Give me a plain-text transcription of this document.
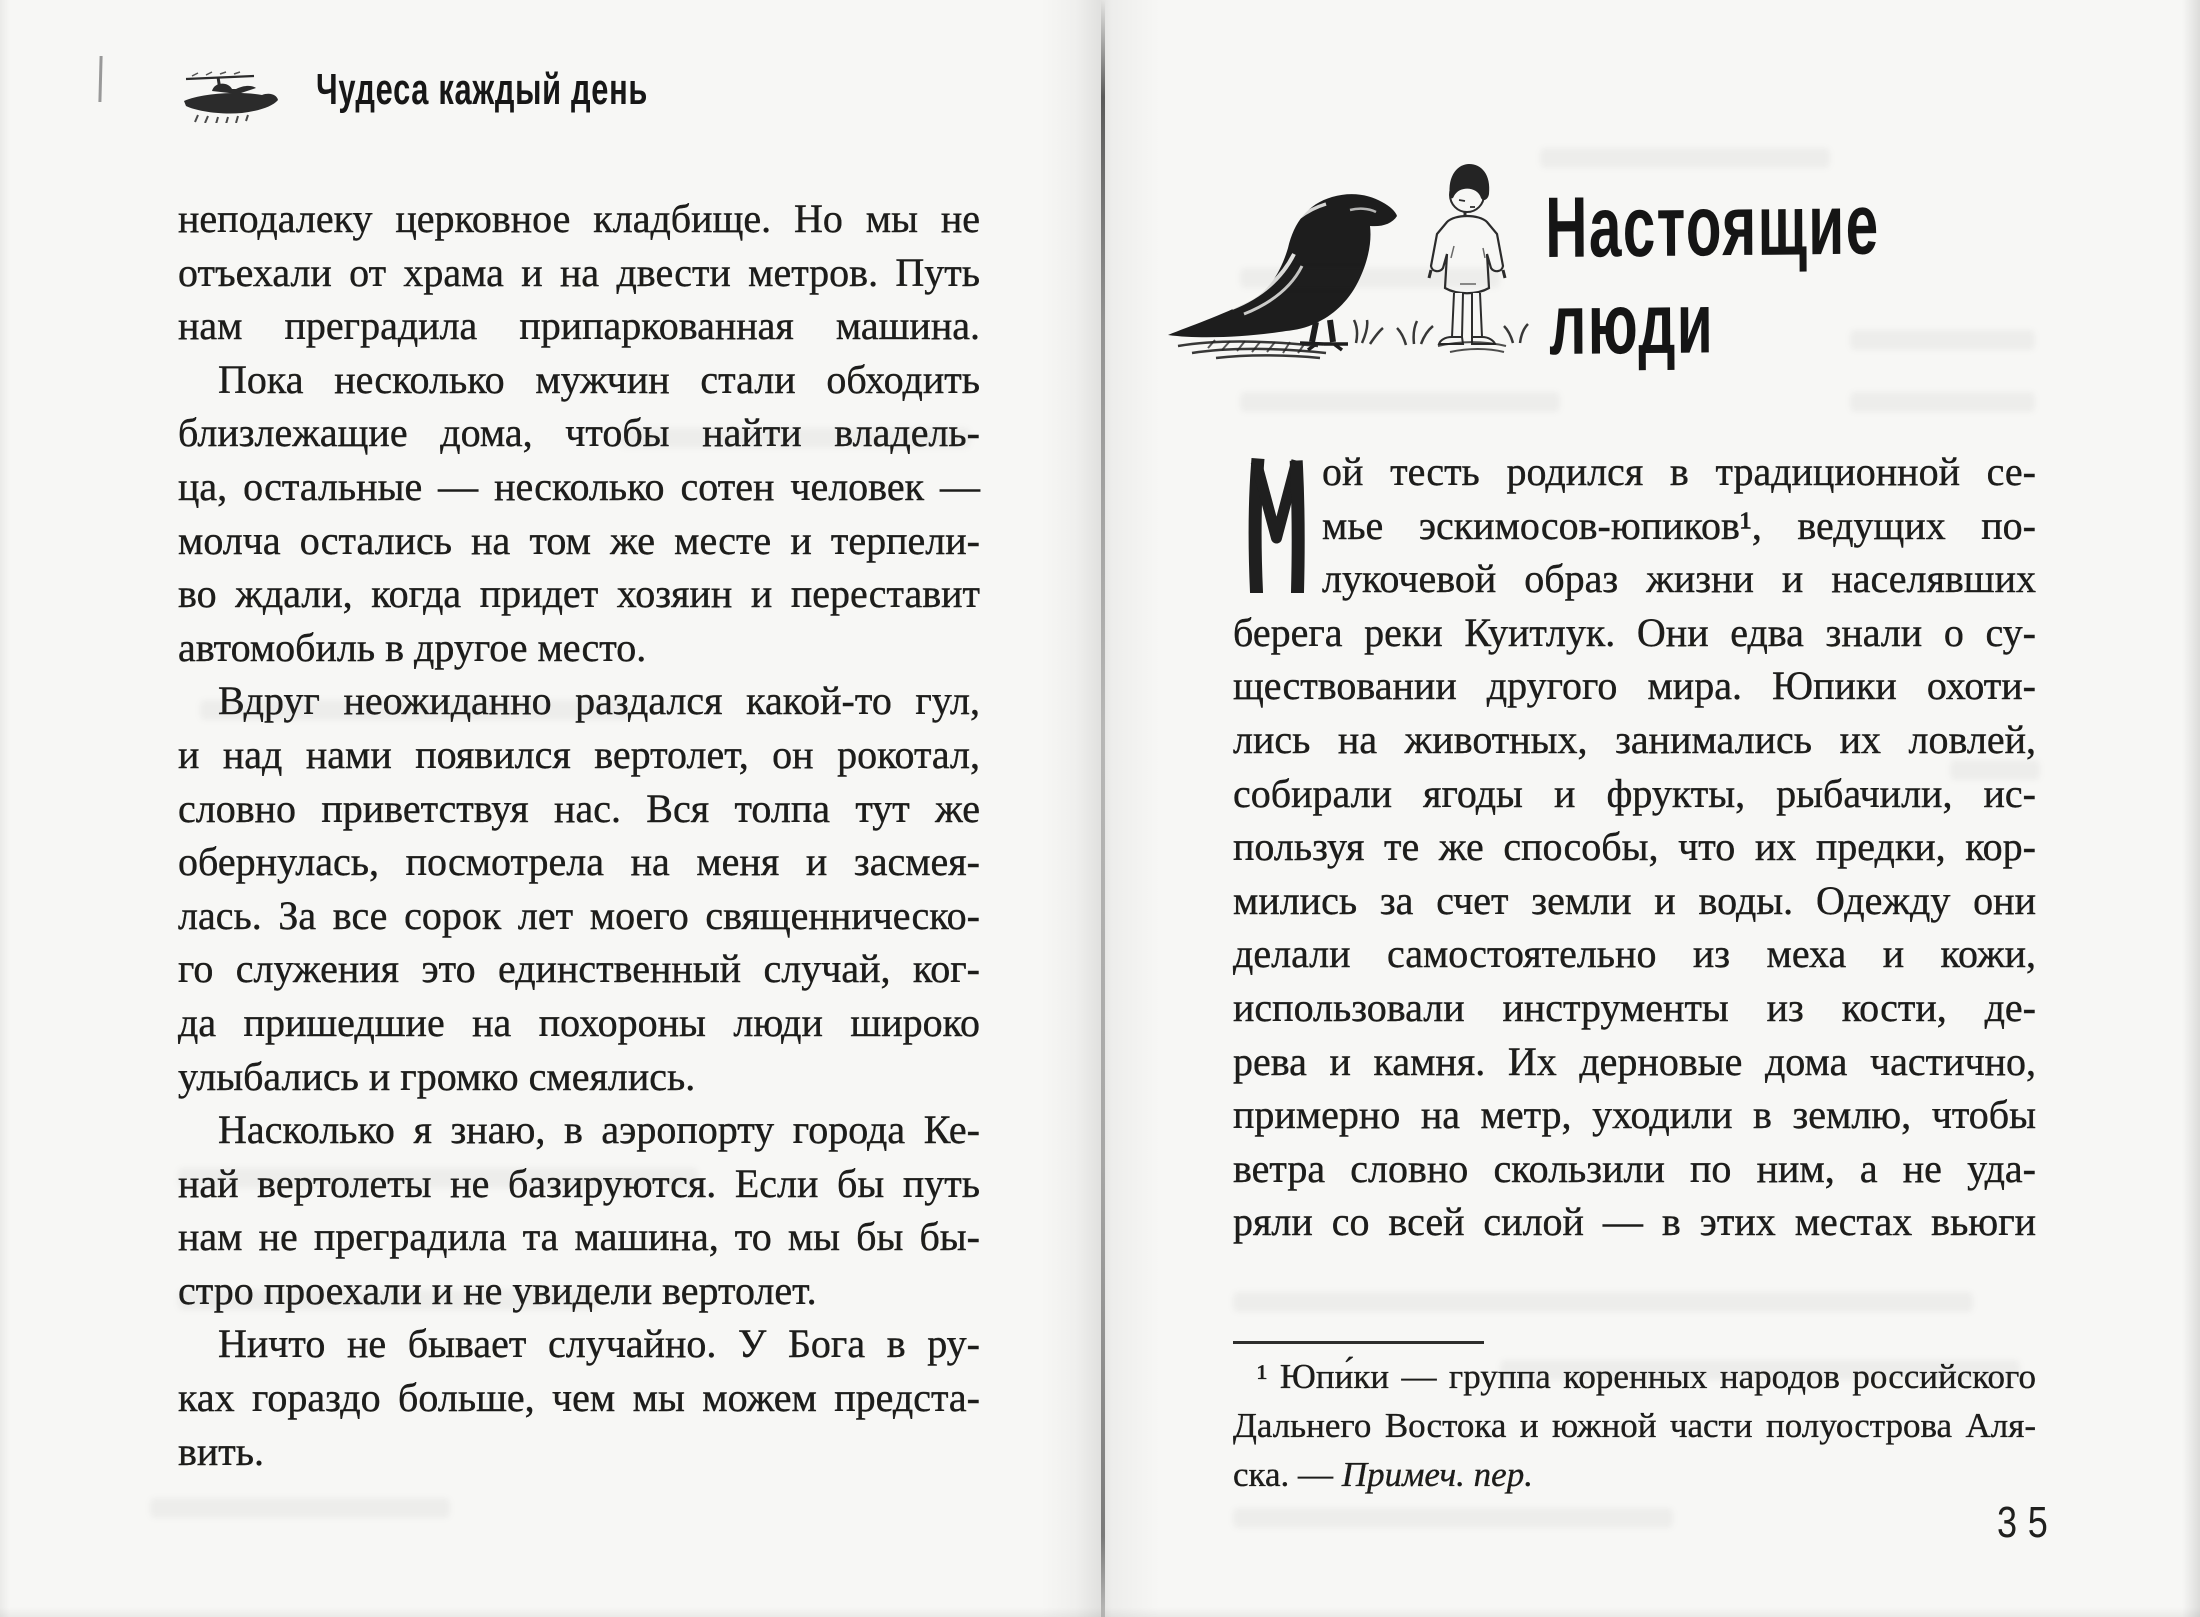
Чудеса каждый день
неподалеку церковное кладбище. Но мы не
отъехали от храма и на двести метров. Путь
нам преградила припаркованная машина.
Пока несколько мужчин стали обходить
близлежащие дома, чтобы найти владель-
ца, остальные — несколько сотен человек —
молча остались на том же месте и терпели-
во ждали, когда придет хозяин и переставит
автомобиль в другое место.
Вдруг неожиданно раздался какой-то гул,
и над нами появился вертолет, он рокотал,
словно приветствуя нас. Вся толпа тут же
обернулась, посмотрела на меня и засмея-
лась. За все сорок лет моего священническо-
го служения это единственный случай, ког-
да пришедшие на похороны люди широко
улыбались и громко смеялись.
Насколько я знаю, в аэропорту города Ке-
най вертолеты не базируются. Если бы путь
нам не преградила та машина, то мы бы бы-
стро проехали и не увидели вертолет.
Ничто не бывает случайно. У Бога в ру-
ках гораздо больше, чем мы можем предста-
вить.
Настоящие
люди
ой тесть родился в традиционной се-
мье эскимосов-юпиков¹, ведущих по-
лукочевой образ жизни и населявших
берега реки Куитлук. Они едва знали о су-
ществовании другого мира. Юпики охоти-
лись на животных, занимались их ловлей,
собирали ягоды и фрукты, рыбачили, ис-
пользуя те же способы, что их предки, кор-
мились за счет земли и воды. Одежду они
делали самостоятельно из меха и кожи,
использовали инструменты из кости, де-
рева и камня. Их дерновые дома частично,
примерно на метр, уходили в землю, чтобы
ветра словно скользили по ним, а не уда-
ряли со всей силой — в этих местах вьюги
¹ Юпи́ки — группа коренных народов российского
Дальнего Востока и южной части полуострова Аля-
ска. — Примеч. пер.
35
